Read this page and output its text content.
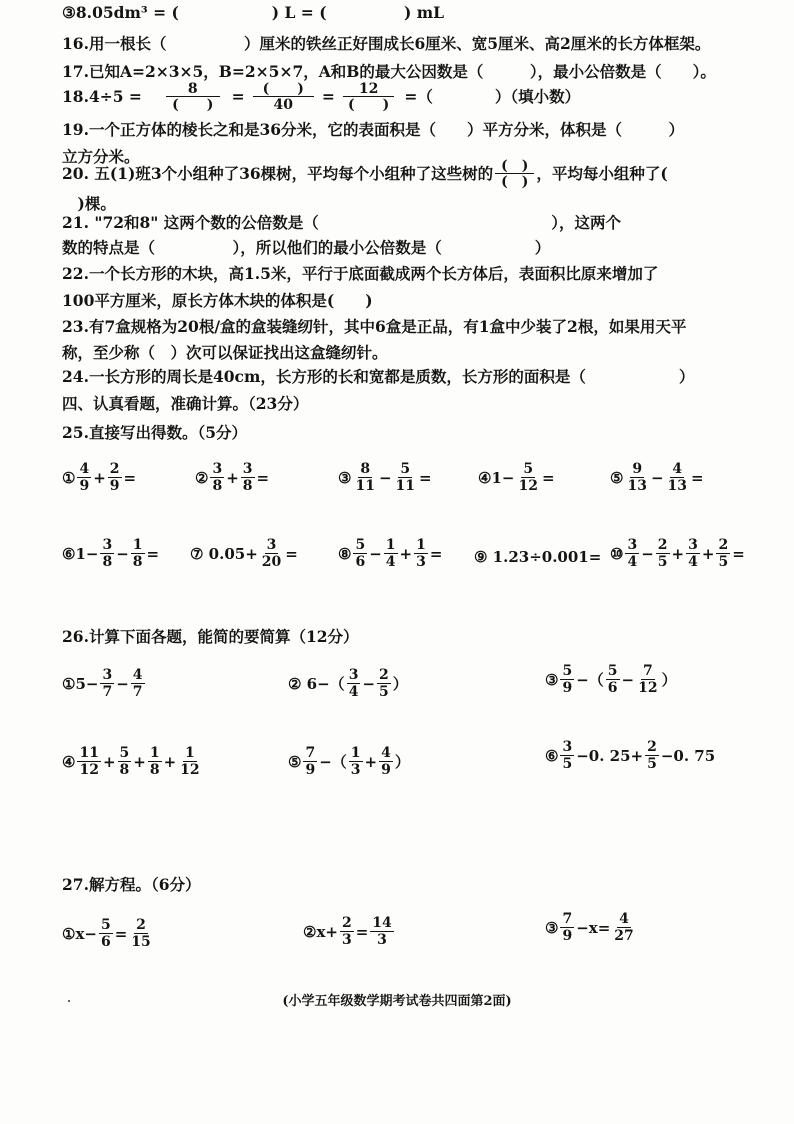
③8.05dm³ = (　　　　　　) L = (　　　　　) mL
16.用一根长（　　　　　）厘米的铁丝正好围成长6厘米、宽5厘米、高2厘米的长方体框架。
17.已知A=2×3×5，B=2×5×7，A和B的最大公因数是（　　　），最小公倍数是（　　）。
$18.4\div 5 = \frac{8}{( )} = \frac{( )}{40} = \frac{12}{( )}$ =（　　　　）（填小数）
19.一个正方体的棱长之和是36分米，它的表面积是（　　）平方分米，体积是（　　　）
立方分米。
20. 五(1)班3个小组种了36棵树，平均每个小组种了这些树的 $\frac{( )}{( )}$ ，平均每小组种了(
　)棵。
21. "72和8" 这两个数的公倍数是（　　　　　　　　　　　　　　　），这两个
数的特点是（　　　　　），所以他们的最小公倍数是（　　　　　　）
22.一个长方形的木块，高1.5米，平行于底面截成两个长方体后，表面积比原来增加了
100平方厘米，原长方体木块的体积是(　　)
23.有7盒规格为20根/盒的盒装缝纫针，其中6盒是正品，有1盒中少装了2根，如果用天平
称，至少称（　）次可以保证找出这盒缝纫针。
24.一长方形的周长是40cm，长方形的长和宽都是质数，长方形的面积是（　　　　　　）
四、认真看题，准确计算。（23分）
25.直接写出得数。（5分）
① $\frac{4}{9} + \frac{2}{9}$ =	② $\frac{3}{8} + \frac{3}{8}$ =	③ $\frac{8}{11} - \frac{5}{11}$ =	④1− $\frac{5}{12}$ =	⑤ $\frac{9}{13} - \frac{4}{13}$ =
⑥1− $\frac{3}{8} - \frac{1}{8}$ = ⑦ $0.05+ \frac{3}{20}$ =	⑧ $\frac{5}{6} - \frac{1}{4} + \frac{1}{3}$ = ⑨ 1.23÷0.001= ⑩ $\frac{3}{4} - \frac{2}{5} + \frac{3}{4} + \frac{2}{5}$ =
26.计算下面各题，能简的要简算（12分）
①5− $\frac{3}{7} - \frac{4}{7}$	② $6-( \frac{3}{4} - \frac{2}{5}$ ）	③ $\frac{5}{9}$ −（ $\frac{5}{6} - \frac{7}{12}$ ）
④ $\frac{11}{12} + \frac{5}{8} + \frac{1}{8} + \frac{1}{12}$	⑤ $\frac{7}{9}$ −（ $\frac{1}{3} + \frac{4}{9}$ ）	⑥ $\frac{3}{5} -0$. $25+ \frac{2}{5} -0$. 75
27.解方程。（6分）
①x− $\frac{5}{6} = \frac{2}{15}$	②x+ $\frac{2}{3} = \frac{14}{3}$	③ $\frac{7}{9} -x= \frac{4}{27}$
(小学五年级数学期考试卷共四面第2面)
